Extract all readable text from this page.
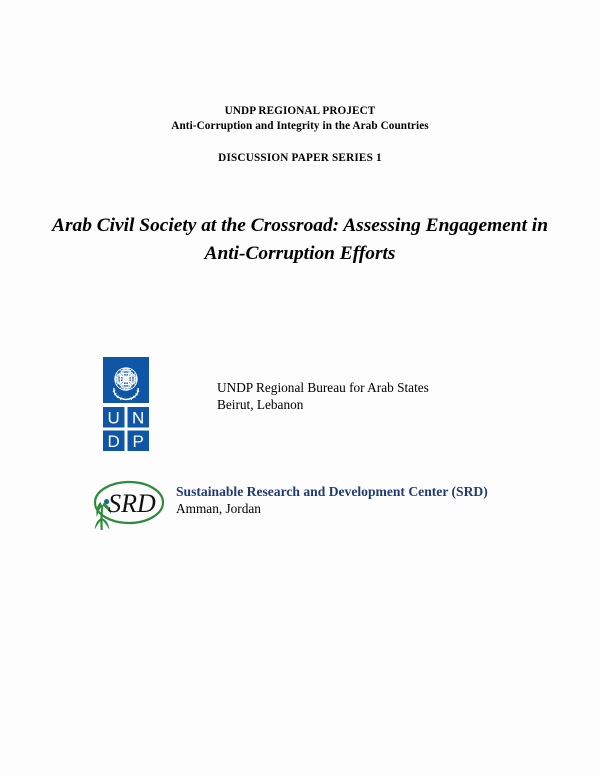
UNDP REGIONAL PROJECT
Anti-Corruption and Integrity in the Arab Countries
DISCUSSION PAPER SERIES 1
Arab Civil Society at the Crossroad: Assessing Engagement in Anti-Corruption Efforts
U N
D P
UNDP Regional Bureau for Arab States
Beirut, Lebanon
SRD Sustainable Research and Development Center (SRD)
Amman, Jordan
